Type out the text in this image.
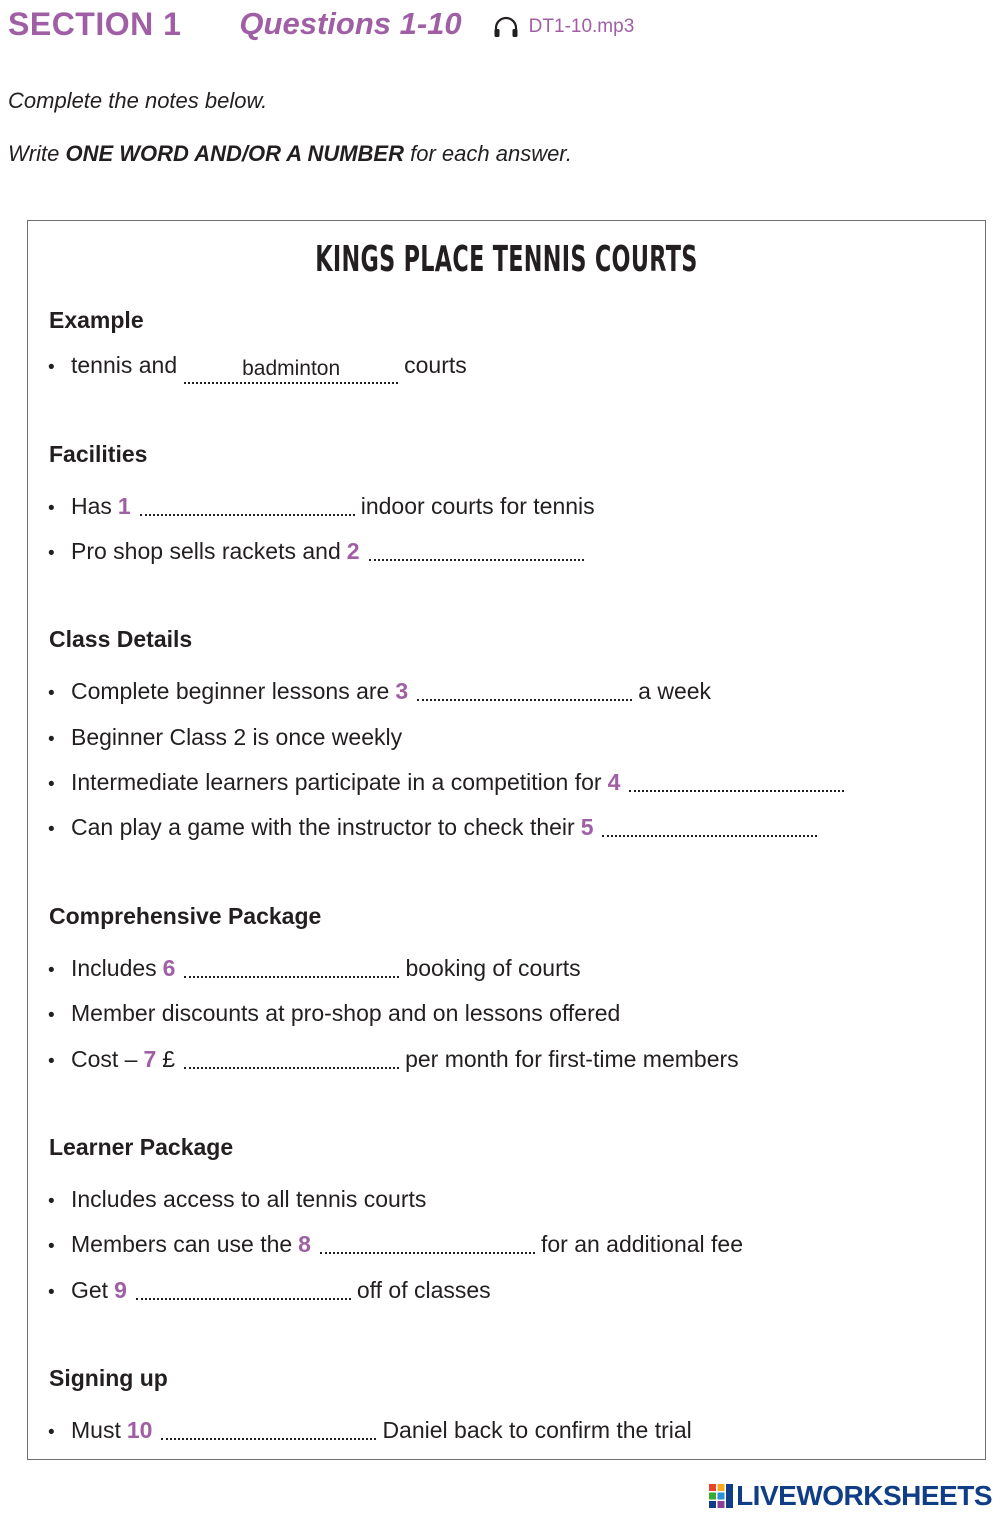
SECTION 1 Questions 1-10	DT1-10.mp3
Complete the notes below.
Write ONE WORD AND/OR A NUMBER for each answer.
KINGS PLACE TENNIS COURTS
Example
• tennis and	badminton	courts
Facilities
• Has 1	indoor courts for tennis
• Pro shop sells rackets and 2
Class Details
• Complete beginner lessons are 3	a week
• Beginner Class 2 is once weekly
• Intermediate learners participate in a competition for 4
• Can play a game with the instructor to check their 5
Comprehensive Package
• Includes 6	booking of courts
• Member discounts at pro-shop and on lessons offered
• Cost – 7 £	per month for first-time members
Learner Package
• Includes access to all tennis courts
• Members can use the 8	for an additional fee
• Get 9	off of classes
Signing up
• Must 10	Daniel back to confirm the trial
LIVEWORKSHEETS
